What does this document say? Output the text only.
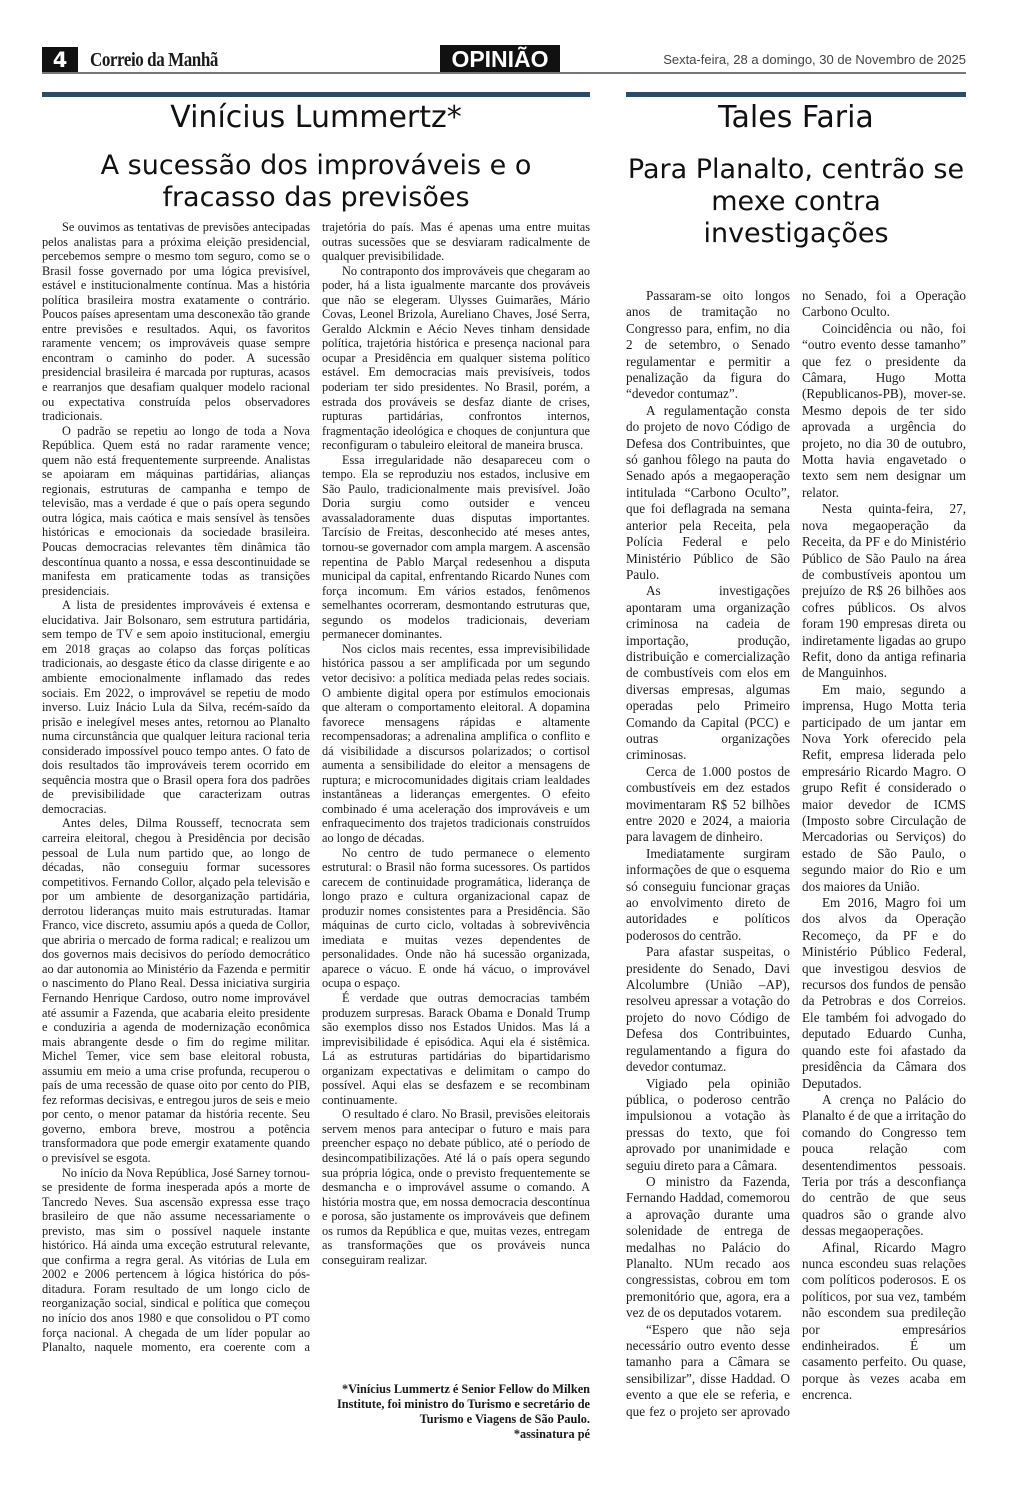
4	Correio da Manhã	OPINIÃO	Sexta-feira, 28 a domingo, 30 de Novembro de 2025
Vinícius Lummertz*
A sucessão dos improváveis e o fracasso das previsões

Se ouvimos as tentativas de previsões antecipadas pelos analistas para a próxima eleição presidencial, percebemos sempre o mesmo tom seguro, como se o Brasil fosse governado por uma lógica previsível, estável e institucionalmente contínua. Mas a história política brasileira mostra exatamente o contrário. Poucos países apresentam uma desconexão tão grande entre previsões e resultados. Aqui, os favoritos raramente vencem; os improváveis quase sempre encontram o caminho do poder. A sucessão presidencial brasileira é marcada por rupturas, acasos e rearranjos que desafiam qualquer modelo racional ou expectativa construída pelos observadores tradicionais.

O padrão se repetiu ao longo de toda a Nova República. Quem está no radar raramente vence; quem não está frequentemente surpreende. Analistas se apoiaram em máquinas partidárias, alianças regionais, estruturas de campanha e tempo de televisão, mas a verdade é que o país opera segundo outra lógica, mais caótica e mais sensível às tensões históricas e emocionais da sociedade brasileira. Poucas democracias relevantes têm dinâmica tão descontínua quanto a nossa, e essa descontinuidade se manifesta em praticamente todas as transições presidenciais.

A lista de presidentes improváveis é extensa e elucidativa. Jair Bolsonaro, sem estrutura partidária, sem tempo de TV e sem apoio institucional, emergiu em 2018 graças ao colapso das forças políticas tradicionais, ao desgaste ético da classe dirigente e ao ambiente emocionalmente inflamado das redes sociais. Em 2022, o improvável se repetiu de modo inverso. Luiz Inácio Lula da Silva, recém-saído da prisão e inelegível meses antes, retornou ao Planalto numa circunstância que qualquer leitura racional teria considerado impossível pouco tempo antes. O fato de dois resultados tão improváveis terem ocorrido em sequência mostra que o Brasil opera fora dos padrões de previsibilidade que caracterizam outras democracias.

Antes deles, Dilma Rousseff, tecnocrata sem carreira eleitoral, chegou à Presidência por decisão pessoal de Lula num partido que, ao longo de décadas, não conseguiu formar sucessores competitivos. Fernando Collor, alçado pela televisão e por um ambiente de desorganização partidária, derrotou lideranças muito mais estruturadas. Itamar Franco, vice discreto, assumiu após a queda de Collor, que abriria o mercado de forma radical; e realizou um dos governos mais decisivos do período democrático ao dar autonomia ao Ministério da Fazenda e permitir o nascimento do Plano Real. Dessa iniciativa surgiria Fernando Henrique Cardoso, outro nome improvável até assumir a Fazenda, que acabaria eleito presidente e conduziria a agenda de modernização econômica mais abrangente desde o fim do regime militar. Michel Temer, vice sem base eleitoral robusta, assumiu em meio a uma crise profunda, recuperou o país de uma recessão de quase oito por cento do PIB, fez reformas decisivas, e entregou juros de seis e meio por cento, o menor patamar da história recente. Seu governo, embora breve, mostrou a potência transformadora que pode emergir exatamente quando o previsível se esgota.

No início da Nova República, José Sarney tornou-se presidente de forma inesperada após a morte de Tancredo Neves. Sua ascensão expressa esse traço brasileiro de que não assume necessariamente o previsto, mas sim o possível naquele instante histórico. Há ainda uma exceção estrutural relevante, que confirma a regra geral. As vitórias de Lula em 2002 e 2006 pertencem à lógica histórica do pós-ditadura. Foram resultado de um longo ciclo de reorganização social, sindical e política que começou no início dos anos 1980 e que consolidou o PT como força nacional. A chegada de um líder popular ao Planalto, naquele momento, era coerente com a trajetória do país. Mas é apenas uma entre muitas outras sucessões que se desviaram radicalmente de qualquer previsibilidade.

No contraponto dos improváveis que chegaram ao poder, há a lista igualmente marcante dos prováveis que não se elegeram. Ulysses Guimarães, Mário Covas, Leonel Brizola, Aureliano Chaves, José Serra, Geraldo Alckmin e Aécio Neves tinham densidade política, trajetória histórica e presença nacional para ocupar a Presidência em qualquer sistema político estável. Em democracias mais previsíveis, todos poderiam ter sido presidentes. No Brasil, porém, a estrada dos prováveis se desfaz diante de crises, rupturas partidárias, confrontos internos, fragmentação ideológica e choques de conjuntura que reconfiguram o tabuleiro eleitoral de maneira brusca.

Essa irregularidade não desapareceu com o tempo. Ela se reproduziu nos estados, inclusive em São Paulo, tradicionalmente mais previsível. João Doria surgiu como outsider e venceu avassaladoramente duas disputas importantes. Tarcísio de Freitas, desconhecido até meses antes, tornou-se governador com ampla margem. A ascensão repentina de Pablo Marçal redesenhou a disputa municipal da capital, enfrentando Ricardo Nunes com força incomum. Em vários estados, fenômenos semelhantes ocorreram, desmontando estruturas que, segundo os modelos tradicionais, deveriam permanecer dominantes.

Nos ciclos mais recentes, essa imprevisibilidade histórica passou a ser amplificada por um segundo vetor decisivo: a política mediada pelas redes sociais. O ambiente digital opera por estímulos emocionais que alteram o comportamento eleitoral. A dopamina favorece mensagens rápidas e altamente recompensadoras; a adrenalina amplifica o conflito e dá visibilidade a discursos polarizados; o cortisol aumenta a sensibilidade do eleitor a mensagens de ruptura; e microcomunidades digitais criam lealdades instantâneas a lideranças emergentes. O efeito combinado é uma aceleração dos improváveis e um enfraquecimento dos trajetos tradicionais construídos ao longo de décadas.

No centro de tudo permanece o elemento estrutural: o Brasil não forma sucessores. Os partidos carecem de continuidade programática, liderança de longo prazo e cultura organizacional capaz de produzir nomes consistentes para a Presidência. São máquinas de curto ciclo, voltadas à sobrevivência imediata e muitas vezes dependentes de personalidades. Onde não há sucessão organizada, aparece o vácuo. E onde há vácuo, o improvável ocupa o espaço.

É verdade que outras democracias também produzem surpresas. Barack Obama e Donald Trump são exemplos disso nos Estados Unidos. Mas lá a imprevisibilidade é episódica. Aqui ela é sistêmica. Lá as estruturas partidárias do bipartidarismo organizam expectativas e delimitam o campo do possível. Aqui elas se desfazem e se recombinam continuamente.

O resultado é claro. No Brasil, previsões eleitorais servem menos para antecipar o futuro e mais para preencher espaço no debate público, até o período de desincompatibilizações. Até lá o país opera segundo sua própria lógica, onde o previsto frequentemente se desmancha e o improvável assume o comando. A história mostra que, em nossa democracia descontínua e porosa, são justamente os improváveis que definem os rumos da República e que, muitas vezes, entregam as transformações que os prováveis nunca conseguiram realizar.

*Vinícius Lummertz é Senior Fellow do Milken Institute, foi ministro do Turismo e secretário de Turismo e Viagens de São Paulo.
*assinatura pé
Tales Faria
Para Planalto, centrão se mexe contra investigações

Passaram-se oito longos anos de tramitação no Congresso para, enfim, no dia 2 de setembro, o Senado regulamentar e permitir a penalização da figura do “devedor contumaz”.

A regulamentação consta do projeto de novo Código de Defesa dos Contribuintes, que só ganhou fôlego na pauta do Senado após a megaoperação intitulada “Carbono Oculto”, que foi deflagrada na semana anterior pela Receita, pela Polícia Federal e pelo Ministério Público de São Paulo.

As investigações apontaram uma organização criminosa na cadeia de importação, produção, distribuição e comercialização de combustíveis com elos em diversas empresas, algumas operadas pelo Primeiro Comando da Capital (PCC) e outras organizações criminosas.

Cerca de 1.000 postos de combustíveis em dez estados movimentaram R$ 52 bilhões entre 2020 e 2024, a maioria para lavagem de dinheiro.

Imediatamente surgiram informações de que o esquema só conseguiu funcionar graças ao envolvimento direto de autoridades e políticos poderosos do centrão.

Para afastar suspeitas, o presidente do Senado, Davi Alcolumbre (União –AP), resolveu apressar a votação do projeto do novo Código de Defesa dos Contribuintes, regulamentando a figura do devedor contumaz.

Vigiado pela opinião pública, o poderoso centrão impulsionou a votação às pressas do texto, que foi aprovado por unanimidade e seguiu direto para a Câmara.

O ministro da Fazenda, Fernando Haddad, comemorou a aprovação durante uma solenidade de entrega de medalhas no Palácio do Planalto. NUm recado aos congressistas, cobrou em tom premonitório que, agora, era a vez de os deputados votarem.

“Espero que não seja necessário outro evento desse tamanho para a Câmara se sensibilizar”, disse Haddad. O evento a que ele se referia, e que fez o projeto ser aprovado no Senado, foi a Operação Carbono Oculto.

Coincidência ou não, foi “outro evento desse tamanho” que fez o presidente da Câmara, Hugo Motta (Republicanos-PB), mover-se. Mesmo depois de ter sido aprovada a urgência do projeto, no dia 30 de outubro, Motta havia engavetado o texto sem nem designar um relator.

Nesta quinta-feira, 27, nova megaoperação da Receita, da PF e do Ministério Público de São Paulo na área de combustíveis apontou um prejuízo de R$ 26 bilhões aos cofres públicos. Os alvos foram 190 empresas direta ou indiretamente ligadas ao grupo Refit, dono da antiga refinaria de Manguinhos.

Em maio, segundo a imprensa, Hugo Motta teria participado de um jantar em Nova York oferecido pela Refit, empresa liderada pelo empresário Ricardo Magro. O grupo Refit é considerado o maior devedor de ICMS (Imposto sobre Circulação de Mercadorias ou Serviços) do estado de São Paulo, o segundo maior do Rio e um dos maiores da União.

Em 2016, Magro foi um dos alvos da Operação Recomeço, da PF e do Ministério Público Federal, que investigou desvios de recursos dos fundos de pensão da Petrobras e dos Correios. Ele também foi advogado do deputado Eduardo Cunha, quando este foi afastado da presidência da Câmara dos Deputados.

A crença no Palácio do Planalto é de que a irritação do comando do Congresso tem pouca relação com desentendimentos pessoais. Teria por trás a desconfiança do centrão de que seus quadros são o grande alvo dessas megaoperações.

Afinal, Ricardo Magro nunca escondeu suas relações com políticos poderosos. E os políticos, por sua vez, também não escondem sua predileção por empresários endinheirados. É um casamento perfeito. Ou quase, porque às vezes acaba em encrenca.
